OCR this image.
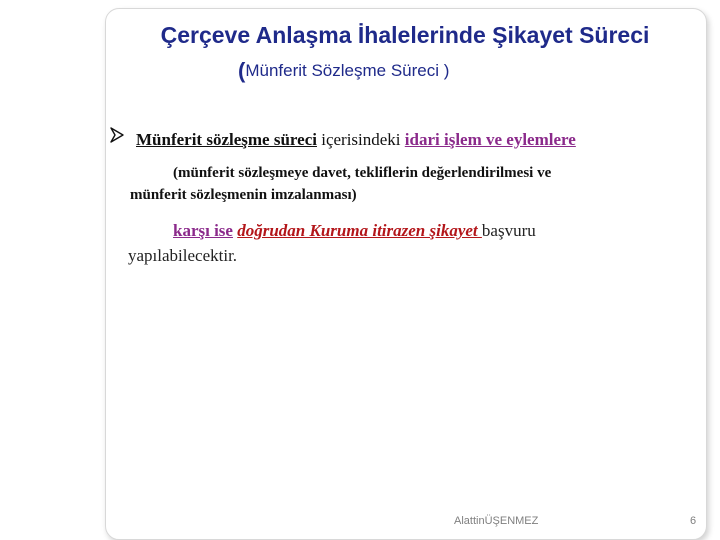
Çerçeve Anlaşma İhalelerinde Şikayet Süreci
(Münferit Sözleşme Süreci )
Münferit sözleşme süreci içerisindeki idari işlem ve eylemlere
(münferit sözleşmeye davet, tekliflerin değerlendirilmesi ve
münferit sözleşmenin imzalanması)
karşı ise doğrudan Kuruma itirazen şikayet başvuru
yapılabilecektir.
AlattinÜŞENMEZ	6
